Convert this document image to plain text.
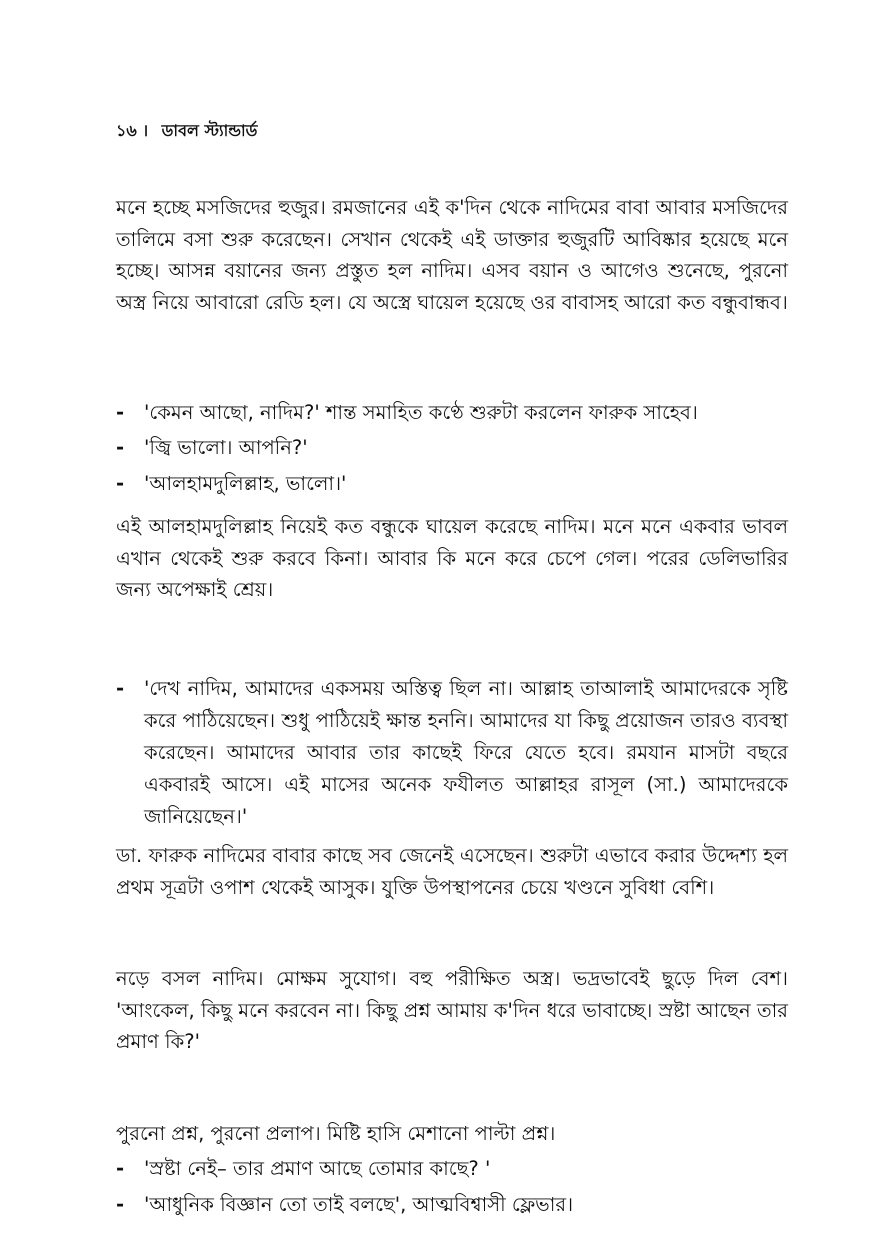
১৬ । ডাবল স্ট্যান্ডার্ড

মনে হচ্ছে মসজিদের হুজুর। রমজানের এই ক'দিন থেকে নাদিমের বাবা আবার মসজিদের তালিমে বসা শুরু করেছেন। সেখান থেকেই এই ডাক্তার হুজুরটি আবিষ্কার হয়েছে মনে হচ্ছে। আসন্ন বয়ানের জন্য প্রস্তুত হল নাদিম। এসব বয়ান ও আগেও শুনেছে, পুরনো অস্ত্র নিয়ে আবারো রেডি হল। যে অস্ত্রে ঘায়েল হয়েছে ওর বাবাসহ আরো কত বন্ধুবান্ধব।

-	'কেমন আছো, নাদিম?' শান্ত সমাহিত কণ্ঠে শুরুটা করলেন ফারুক সাহেব।
-	'জ্বি ভালো। আপনি?'
-	'আলহামদুলিল্লাহ, ভালো।'

এই আলহামদুলিল্লাহ নিয়েই কত বন্ধুকে ঘায়েল করেছে নাদিম। মনে মনে একবার ভাবল এখান থেকেই শুরু করবে কিনা। আবার কি মনে করে চেপে গেল। পরের ডেলিভারির জন্য অপেক্ষাই শ্রেয়।

-	'দেখ নাদিম, আমাদের একসময় অস্তিত্ব ছিল না। আল্লাহ তাআলাই আমাদেরকে সৃষ্টি করে পাঠিয়েছেন। শুধু পাঠিয়েই ক্ষান্ত হননি। আমাদের যা কিছু প্রয়োজন তারও ব্যবস্থা করেছেন। আমাদের আবার তার কাছেই ফিরে যেতে হবে। রমযান মাসটা বছরে একবারই আসে। এই মাসের অনেক ফযীলত আল্লাহর রাসূল (সা.) আমাদেরকে জানিয়েছেন।'

ডা. ফারুক নাদিমের বাবার কাছে সব জেনেই এসেছেন। শুরুটা এভাবে করার উদ্দেশ্য হল প্রথম সূত্রটা ওপাশ থেকেই আসুক। যুক্তি উপস্থাপনের চেয়ে খণ্ডনে সুবিধা বেশি।

নড়ে বসল নাদিম। মোক্ষম সুযোগ। বহু পরীক্ষিত অস্ত্র। ভদ্রভাবেই ছুড়ে দিল বেশ। 'আংকেল, কিছু মনে করবেন না। কিছু প্রশ্ন আমায় ক'দিন ধরে ভাবাচ্ছে। স্রষ্টা আছেন তার প্রমাণ কি?'

পুরনো প্রশ্ন, পুরনো প্রলাপ। মিষ্টি হাসি মেশানো পাল্টা প্রশ্ন।

-	'স্রষ্টা নেই– তার প্রমাণ আছে তোমার কাছে? '
-	'আধুনিক বিজ্ঞান তো তাই বলছে', আত্মবিশ্বাসী ফ্লেভার।
